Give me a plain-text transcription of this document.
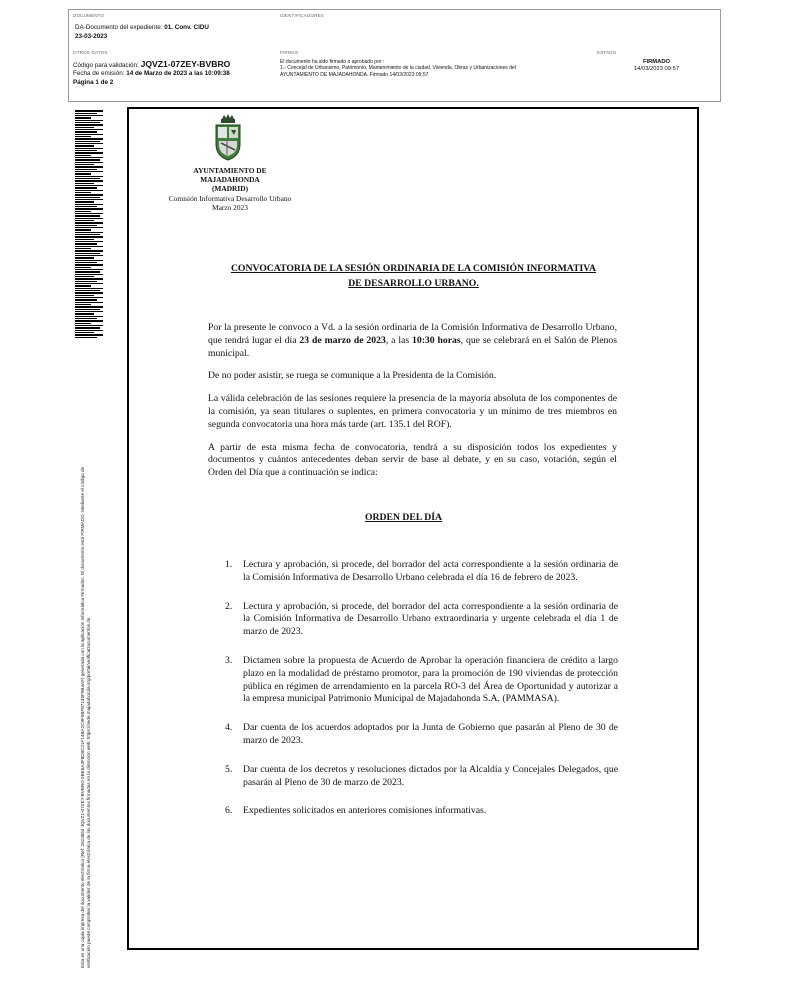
DOCUMENTO
DA-Documento del expediente: 01. Conv. CIDU
23-03-2023
IDENTIFICADORES
OTROS DATOS
Código para validación: JQVZ1-07ZEY-BVBRO
Fecha de emisión: 14 de Marzo de 2023 a las 10:09:38
Página 1 de 2
FIRMAS
El documento ha sido firmado o aprobado por :
1.- Concejal de Urbanismo, Patrimonio, Mantenimiento de la ciudad, Vivienda, Obras y Urbanizaciones del
AYUNTAMIENTO DE MAJADAHONDA. Firmado 14/03/2023 09:57
ESTADO
FIRMADO
14/03/2023 09:57
Esta es una copia impresa del documento electrónico (Ref: 2523854 JQVZ1-07ZEY-BVBRO 0BE6A3F8D8C21F14BA2C9F0BF87140F9B4AF) generada con la aplicación informática Firmadoc. El documento está FIRMADO. Mediante el código de verificación puede comprobar la validez de la firma electrónica de los documentos firmados en la dirección web: https://sede.majadahonda.org/portal/verificaDocumentos.do
AYUNTAMIENTO DE
MAJADAHONDA
(MADRID)
Comisión Informativa Desarrollo Urbano
Marzo 2023
CONVOCATORIA DE LA SESIÓN ORDINARIA DE LA COMISIÓN INFORMATIVA
DE DESARROLLO URBANO.

Por la presente le convoco a Vd. a la sesión ordinaria de la Comisión Informativa de Desarrollo Urbano, que tendrá lugar el día 23 de marzo de 2023, a las 10:30 horas, que se celebrará en el Salón de Plenos municipal.

De no poder asistir, se ruega se comunique a la Presidenta de la Comisión.

La válida celebración de las sesiones requiere la presencia de la mayoría absoluta de los componentes de la comisión, ya sean titulares o suplentes, en primera convocatoria y un mínimo de tres miembros en segunda convocatoria una hora más tarde (art. 135.1 del ROF).

A partir de esta misma fecha de convocatoria, tendrá a su disposición todos los expedientes y documentos y cuántos antecedentes deban servir de base al debate, y en su caso, votación, según el Orden del Día que a continuación se indica:

ORDEN DEL DÍA
1. Lectura y aprobación, si procede, del borrador del acta correspondiente a la sesión ordinaria de la Comisión Informativa de Desarrollo Urbano celebrada el día 16 de febrero de 2023.
2. Lectura y aprobación, si procede, del borrador del acta correspondiente a la sesión ordinaria de la Comisión Informativa de Desarrollo Urbano extraordinaria y urgente celebrada el día 1 de marzo de 2023.
3. Dictamen sobre la propuesta de Acuerdo de Aprobar la operación financiera de crédito a largo plazo en la modalidad de préstamo promotor, para la promoción de 190 viviendas de protección pública en régimen de arrendamiento en la parcela RO-3 del Área de Oportunidad y autorizar a la empresa municipal Patrimonio Municipal de Majadahonda S.A. (PAMMASA).
4. Dar cuenta de los acuerdos adoptados por la Junta de Gobierno que pasarán al Pleno de 30 de marzo de 2023.
5. Dar cuenta de los decretos y resoluciones dictados por la Alcaldía y Concejales Delegados, que pasarán al Pleno de 30 de marzo de 2023.
6. Expedientes solicitados en anteriores comisiones informativas.
